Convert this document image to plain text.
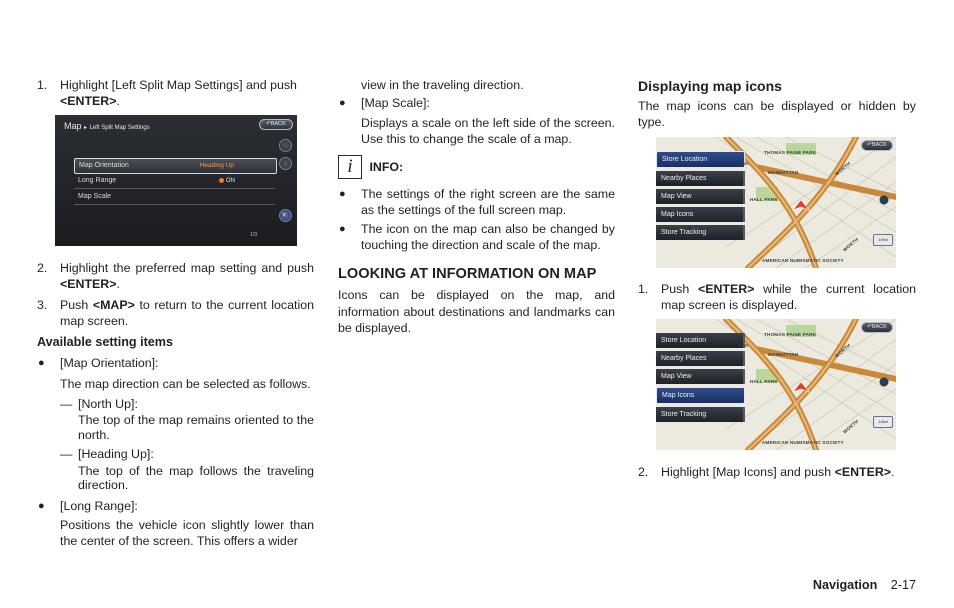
1. Highlight [Left Split Map Settings] and push <ENTER>.
Map ▸ Left Split Map Settings
↶BACK
˅
Map Orientation	Heading Up
Long Range	ON
Map Scale
1/3
2. Highlight the preferred map setting and push <ENTER>.
3. Push <MAP> to return to the current location map screen.
Available setting items
● [Map Orientation]:
The map direction can be selected as follows.
— [North Up]:
The top of the map remains oriented to the north.
— [Heading Up]:
The top of the map follows the traveling direction.
● [Long Range]:
Positions the vehicle icon slightly lower than the center of the screen. This offers a wider
view in the traveling direction.
● [Map Scale]:
Displays a scale on the left side of the screen. Use this to change the scale of a map.
i INFO:
● The settings of the right screen are the same as the settings of the full screen map.
● The icon on the map can also be changed by touching the direction and scale of the map.
LOOKING AT INFORMATION ON MAP
Icons can be displayed on the map, and information about destinations and landmarks can be displayed.
Displaying map icons
The map icons can be displayed or hidden by type.
Store Location
Nearby Places
Map View
Map Icons
Store Tracking
THOMAS PAINE PARK
MANHATTAN
ORK
HALL PARK
AMERICAN NUMISMATIC SOCIETY
WORTH
WORTH
↶BACK
1/8mi
1. Push <ENTER> while the current location map screen is displayed.
Store Location
Nearby Places
Map View
Map Icons
Store Tracking
THOMAS PAINE PARK
MANHATTAN
ORK
HALL PARK
AMERICAN NUMISMATIC SOCIETY
WORTH
WORTH
↶BACK
1/8mi
2. Highlight [Map Icons] and push <ENTER>.
Navigation 2-17
